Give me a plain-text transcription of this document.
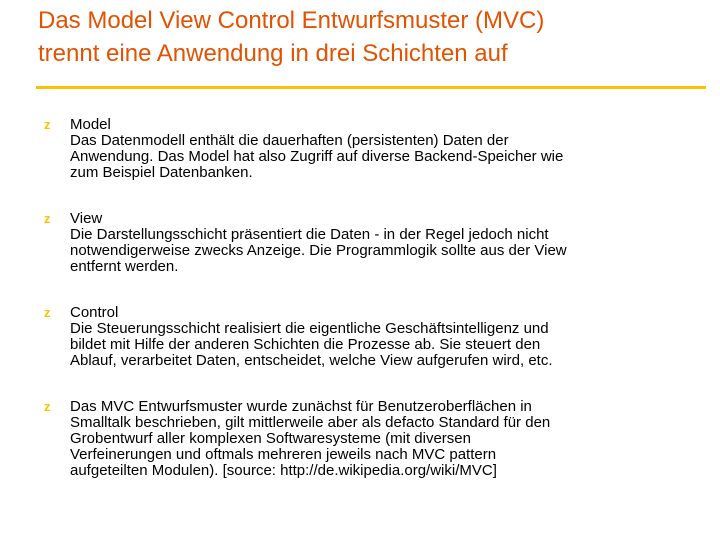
Das Model View Control Entwurfsmuster (MVC)
trennt eine Anwendung in drei Schichten auf
z Model
Das Datenmodell enthält die dauerhaften (persistenten) Daten der
Anwendung. Das Model hat also Zugriff auf diverse Backend-Speicher wie
zum Beispiel Datenbanken.
z View
Die Darstellungsschicht präsentiert die Daten - in der Regel jedoch nicht
notwendigerweise zwecks Anzeige. Die Programmlogik sollte aus der View
entfernt werden.
z Control
Die Steuerungsschicht realisiert die eigentliche Geschäftsintelligenz und
bildet mit Hilfe der anderen Schichten die Prozesse ab. Sie steuert den
Ablauf, verarbeitet Daten, entscheidet, welche View aufgerufen wird, etc.
z Das MVC Entwurfsmuster wurde zunächst für Benutzeroberflächen in
Smalltalk beschrieben, gilt mittlerweile aber als defacto Standard für den
Grobentwurf aller komplexen Softwaresysteme (mit diversen
Verfeinerungen und oftmals mehreren jeweils nach MVC pattern
aufgeteilten Modulen). [source: http://de.wikipedia.org/wiki/MVC]
